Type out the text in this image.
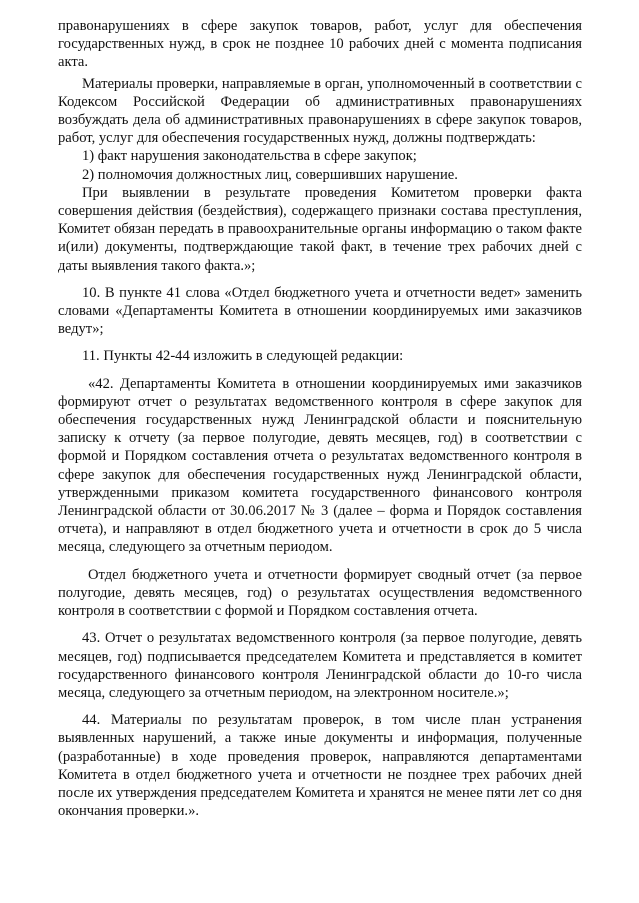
правонарушениях в сфере закупок товаров, работ, услуг для обеспечения государственных нужд, в срок не позднее 10 рабочих дней с момента подписания акта.

Материалы проверки, направляемые в орган, уполномоченный в соответствии с Кодексом Российской Федерации об административных правонарушениях возбуждать дела об административных правонарушениях в сфере закупок товаров, работ, услуг для обеспечения государственных нужд, должны подтверждать:

1) факт нарушения законодательства в сфере закупок;

2) полномочия должностных лиц, совершивших нарушение.

При выявлении в результате проведения Комитетом проверки факта совершения действия (бездействия), содержащего признаки состава преступления, Комитет обязан передать в правоохранительные органы информацию о таком факте и(или) документы, подтверждающие такой факт, в течение трех рабочих дней с даты выявления такого факта.»;

10. В пункте 41 слова «Отдел бюджетного учета и отчетности ведет» заменить словами «Департаменты Комитета в отношении координируемых ими заказчиков ведут»;

11. Пункты 42-44 изложить в следующей редакции:

«42. Департаменты Комитета в отношении координируемых ими заказчиков формируют отчет о результатах ведомственного контроля в сфере закупок для обеспечения государственных нужд Ленинградской области и пояснительную записку к отчету (за первое полугодие, девять месяцев, год) в соответствии с формой и Порядком составления отчета о результатах ведомственного контроля в сфере закупок для обеспечения государственных нужд Ленинградской области, утвержденными приказом комитета государственного финансового контроля Ленинградской области от 30.06.2017 № 3 (далее – форма и Порядок составления отчета), и направляют в отдел бюджетного учета и отчетности в срок до 5 числа месяца, следующего за отчетным периодом.

Отдел бюджетного учета и отчетности формирует сводный отчет (за первое полугодие, девять месяцев, год) о результатах осуществления ведомственного контроля в соответствии с формой и Порядком составления отчета.

43. Отчет о результатах ведомственного контроля (за первое полугодие, девять месяцев, год) подписывается председателем Комитета и представляется в комитет государственного финансового контроля Ленинградской области до 10-го числа месяца, следующего за отчетным периодом, на электронном носителе.»;

44. Материалы по результатам проверок, в том числе план устранения выявленных нарушений, а также иные документы и информация, полученные (разработанные) в ходе проведения проверок, направляются департаментами Комитета в отдел бюджетного учета и отчетности не позднее трех рабочих дней после их утверждения председателем Комитета и хранятся не менее пяти лет со дня окончания проверки.».
